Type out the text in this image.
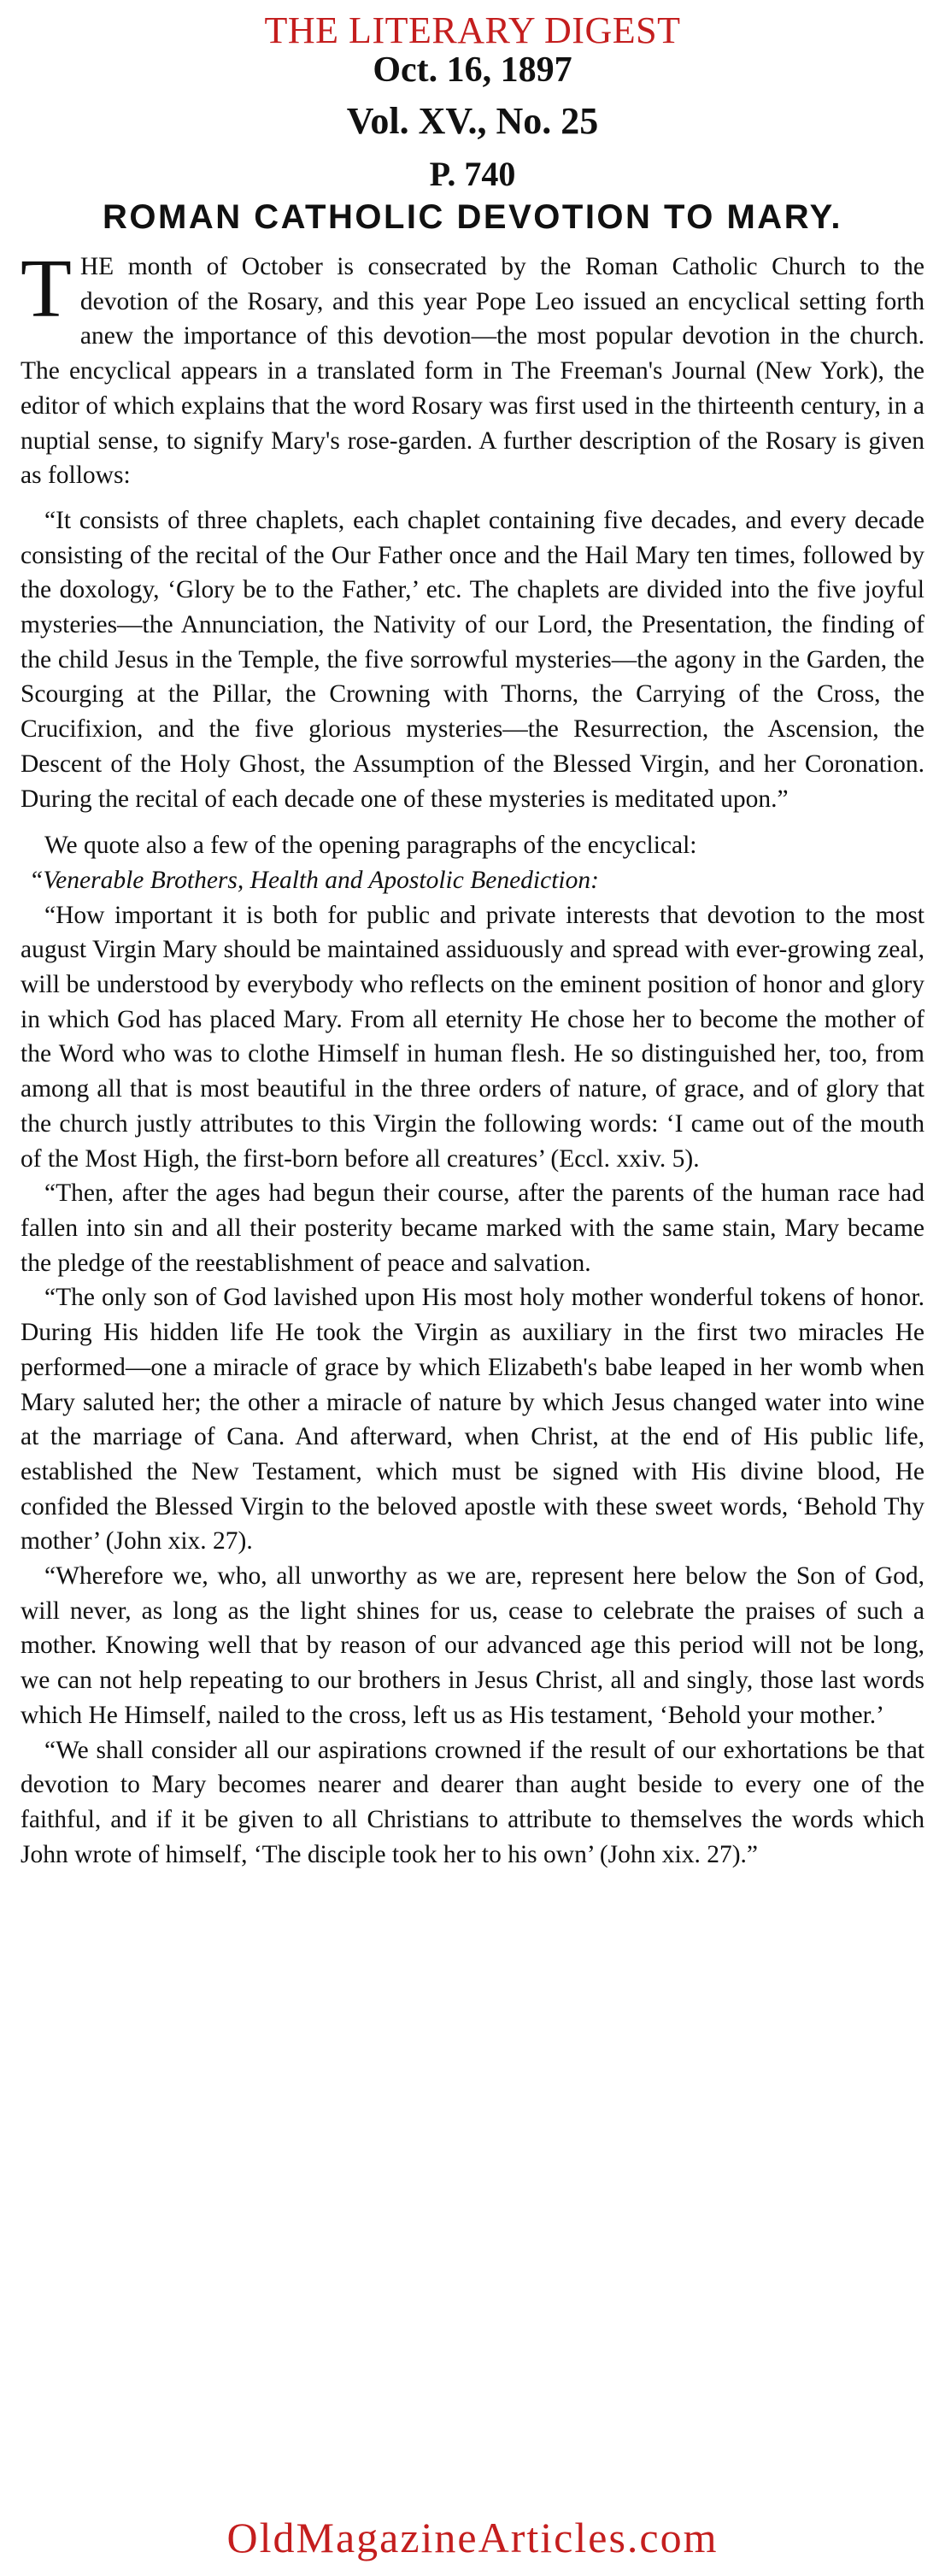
THE LITERARY DIGEST
Oct. 16, 1897
Vol. XV., No. 25
P. 740
ROMAN CATHOLIC DEVOTION TO MARY.

THE month of October is consecrated by the Roman Catholic Church to the devotion of the Rosary, and this year Pope Leo issued an encyclical setting forth anew the importance of this devotion—the most popular devotion in the church. The encyclical appears in a translated form in The Freeman's Journal (New York), the editor of which explains that the word Rosary was first used in the thirteenth century, in a nuptial sense, to signify Mary's rose-garden. A further description of the Rosary is given as follows:

“It consists of three chaplets, each chaplet containing five decades, and every decade consisting of the recital of the Our Father once and the Hail Mary ten times, followed by the doxology, ‘Glory be to the Father,’ etc. The chaplets are divided into the five joyful mysteries—the Annunciation, the Nativity of our Lord, the Presentation, the finding of the child Jesus in the Temple, the five sorrowful mysteries—the agony in the Garden, the Scourging at the Pillar, the Crowning with Thorns, the Carrying of the Cross, the Crucifixion, and the five glorious mysteries—the Resurrection, the Ascension, the Descent of the Holy Ghost, the Assumption of the Blessed Virgin, and her Coronation. During the recital of each decade one of these mysteries is meditated upon.”

We quote also a few of the opening paragraphs of the encyclical:

“Venerable Brothers, Health and Apostolic Benediction:

“How important it is both for public and private interests that devotion to the most august Virgin Mary should be maintained assiduously and spread with ever-growing zeal, will be understood by everybody who reflects on the eminent position of honor and glory in which God has placed Mary. From all eternity He chose her to become the mother of the Word who was to clothe Himself in human flesh. He so distinguished her, too, from among all that is most beautiful in the three orders of nature, of grace, and of glory that the church justly attributes to this Virgin the following words: ‘I came out of the mouth of the Most High, the first-born before all creatures’ (Eccl. xxiv. 5).

“Then, after the ages had begun their course, after the parents of the human race had fallen into sin and all their posterity became marked with the same stain, Mary became the pledge of the reestablishment of peace and salvation.

“The only son of God lavished upon His most holy mother wonderful tokens of honor. During His hidden life He took the Virgin as auxiliary in the first two miracles He performed—one a miracle of grace by which Elizabeth's babe leaped in her womb when Mary saluted her; the other a miracle of nature by which Jesus changed water into wine at the marriage of Cana. And afterward, when Christ, at the end of His public life, established the New Testament, which must be signed with His divine blood, He confided the Blessed Virgin to the beloved apostle with these sweet words, ‘Behold Thy mother’ (John xix. 27).

“Wherefore we, who, all unworthy as we are, represent here below the Son of God, will never, as long as the light shines for us, cease to celebrate the praises of such a mother. Knowing well that by reason of our advanced age this period will not be long, we can not help repeating to our brothers in Jesus Christ, all and singly, those last words which He Himself, nailed to the cross, left us as His testament, ‘Behold your mother.’

“We shall consider all our aspirations crowned if the result of our exhortations be that devotion to Mary becomes nearer and dearer than aught beside to every one of the faithful, and if it be given to all Christians to attribute to themselves the words which John wrote of himself, ‘The disciple took her to his own’ (John xix. 27).”

OldMagazineArticles.com
